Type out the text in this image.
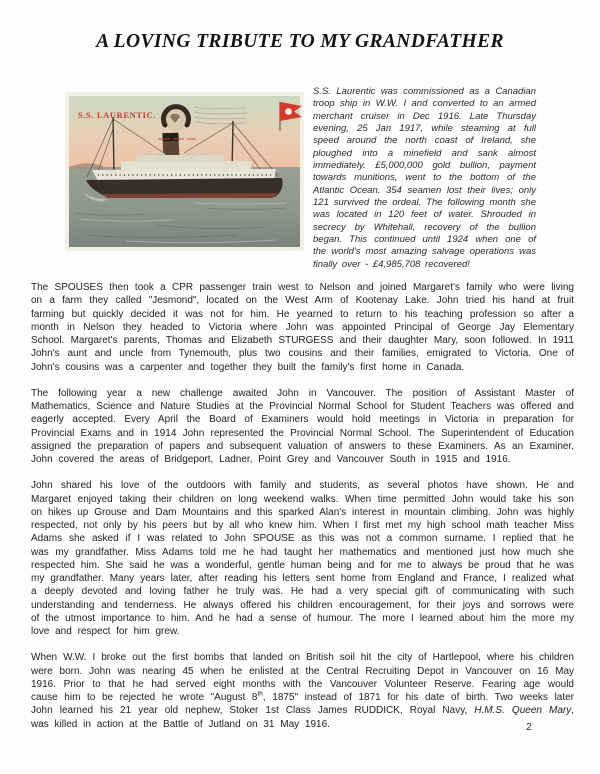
A LOVING TRIBUTE TO MY GRANDFATHER
S.S. LAURENTIC.
S.S. Laurentic was commissioned as a Canadian troop ship in W.W. I and converted to an armed merchant cruiser in Dec 1916. Late Thursday evening, 25 Jan 1917, while steaming at full speed around the north coast of Ireland, she ploughed into a minefield and sank almost immediately. £5,000,000 gold bullion, payment towards munitions, went to the bottom of the Atlantic Ocean. 354 seamen lost their lives; only 121 survived the ordeal. The following month she was located in 120 feet of water. Shrouded in secrecy by Whitehall, recovery of the bullion began. This continued until 1924 when one of the world's most amazing salvage operations was finally over - £4,985,708 recovered!

The SPOUSES then took a CPR passenger train west to Nelson and joined Margaret's family who were living on a farm they called "Jesmond", located on the West Arm of Kootenay Lake. John tried his hand at fruit farming but quickly decided it was not for him. He yearned to return to his teaching profession so after a month in Nelson they headed to Victoria where John was appointed Principal of George Jay Elementary School. Margaret's parents, Thomas and Elizabeth STURGESS and their daughter Mary, soon followed. In 1911 John's aunt and uncle from Tynemouth, plus two cousins and their families, emigrated to Victoria. One of John's cousins was a carpenter and together they built the family's first home in Canada.

The following year a new challenge awaited John in Vancouver. The position of Assistant Master of Mathematics, Science and Nature Studies at the Provincial Normal School for Student Teachers was offered and eagerly accepted. Every April the Board of Examiners would hold meetings in Victoria in preparation for Provincial Exams and in 1914 John represented the Provincial Normal School. The Superintendent of Education assigned the preparation of papers and subsequent valuation of answers to these Examiners. As an Examiner, John covered the areas of Bridgeport, Ladner, Point Grey and Vancouver South in 1915 and 1916.

John shared his love of the outdoors with family and students, as several photos have shown. He and Margaret enjoyed taking their children on long weekend walks. When time permitted John would take his son on hikes up Grouse and Dam Mountains and this sparked Alan's interest in mountain climbing. John was highly respected, not only by his peers but by all who knew him. When I first met my high school math teacher Miss Adams she asked if I was related to John SPOUSE as this was not a common surname. I replied that he was my grandfather. Miss Adams told me he had taught her mathematics and mentioned just how much she respected him. She said he was a wonderful, gentle human being and for me to always be proud that he was my grandfather. Many years later, after reading his letters sent home from England and France, I realized what a deeply devoted and loving father he truly was. He had a very special gift of communicating with such understanding and tenderness. He always offered his children encouragement, for their joys and sorrows were of the utmost importance to him. And he had a sense of humour. The more I learned about him the more my love and respect for him grew.

When W.W. I broke out the first bombs that landed on British soil hit the city of Hartlepool, where his children were born. John was nearing 45 when he enlisted at the Central Recruiting Depot in Vancouver on 16 May 1916. Prior to that he had served eight months with the Vancouver Volunteer Reserve. Fearing age would cause him to be rejected he wrote "August 8th, 1875" instead of 1871 for his date of birth. Two weeks later John learned his 21 year old nephew, Stoker 1st Class James RUDDICK, Royal Navy, H.M.S. Queen Mary, was killed in action at the Battle of Jutland on 31 May 1916.	2
